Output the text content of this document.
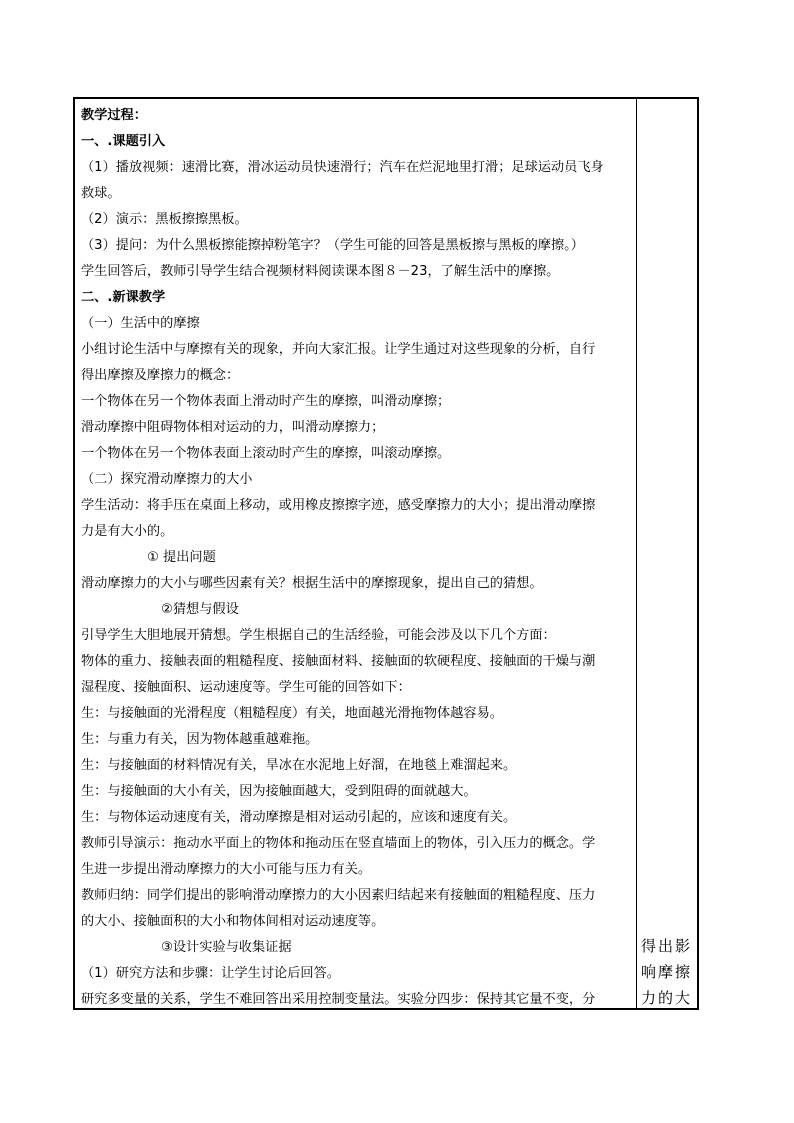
教学过程：
一、.课题引入
（1）播放视频：速滑比赛，滑冰运动员快速滑行；汽车在烂泥地里打滑；足球运动员飞身
救球。
（2）演示：黑板擦擦黑板。
（3）提问：为什么黑板擦能擦掉粉笔字？（学生可能的回答是黑板擦与黑板的摩擦。）
学生回答后，教师引导学生结合视频材料阅读课本图８－23，了解生活中的摩擦。
二、.新课教学
（一）生活中的摩擦
小组讨论生活中与摩擦有关的现象，并向大家汇报。让学生通过对这些现象的分析，自行
得出摩擦及摩擦力的概念：
一个物体在另一个物体表面上滑动时产生的摩擦，叫滑动摩擦；
滑动摩擦中阻碍物体相对运动的力，叫滑动摩擦力；
一个物体在另一个物体表面上滚动时产生的摩擦，叫滚动摩擦。
（二）探究滑动摩擦力的大小
学生活动：将手压在桌面上移动，或用橡皮擦擦字迹，感受摩擦力的大小；提出滑动摩擦
力是有大小的。
① 提出问题
滑动摩擦力的大小与哪些因素有关？根据生活中的摩擦现象，提出自己的猜想。
②猜想与假设
引导学生大胆地展开猜想。学生根据自己的生活经验，可能会涉及以下几个方面：
物体的重力、接触表面的粗糙程度、接触面材料、接触面的软硬程度、接触面的干燥与潮
湿程度、接触面积、运动速度等。学生可能的回答如下：
生：与接触面的光滑程度（粗糙程度）有关，地面越光滑拖物体越容易。
生：与重力有关，因为物体越重越难拖。
生：与接触面的材料情况有关，旱冰在水泥地上好溜，在地毯上难溜起来。
生：与接触面的大小有关，因为接触面越大，受到阻碍的面就越大。
生：与物体运动速度有关，滑动摩擦是相对运动引起的，应该和速度有关。
教师引导演示：拖动水平面上的物体和拖动压在竖直墙面上的物体，引入压力的概念。学
生进一步提出滑动摩擦力的大小可能与压力有关。
教师归纳：同学们提出的影响滑动摩擦力的大小因素归结起来有接触面的粗糙程度、压力
的大小、接触面积的大小和物体间相对运动速度等。
③设计实验与收集证据
（1）研究方法和步骤：让学生讨论后回答。
研究多变量的关系，学生不难回答出采用控制变量法。实验分四步：保持其它量不变，分
得出影
响摩擦
力的大
